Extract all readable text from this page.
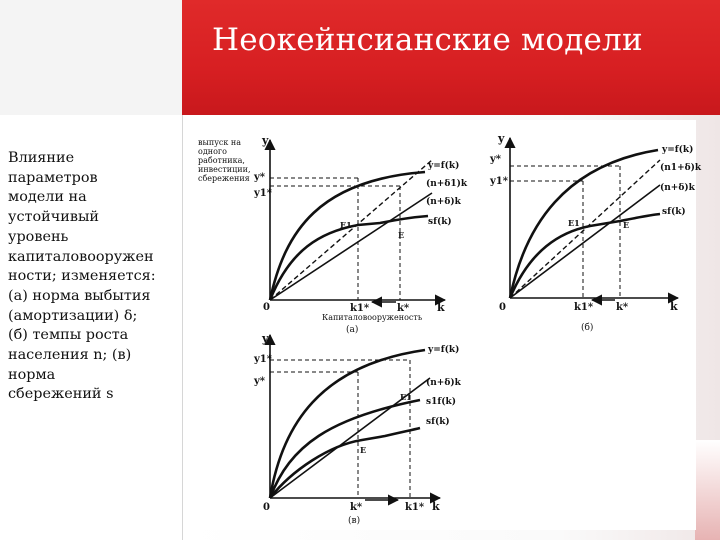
Неокейнсианские модели
Влияние
параметров
модели на
устойчивый
уровень
капиталовооружен
ности; изменяется:
(а) норма выбытия
(амортизации) δ;
(б) темпы роста
населения n; (в)
норма
сбережений s
y
выпуск на одного работника, инвестиции, сбережения y*
y1*
y=f(k)
(n+δ1)k
(n+δ)k
sf(k)
E1
E
0	k1*	k*	k
Капиталовооруженость
(а)
y
y*
y1*
y=f(k)
(n1+δ)k
(n+δ)k
sf(k)
E1	E
0	k1* k*	k
(б)
y
y1*
y*
y=f(k)
(n+δ)k
s1f(k)
sf(k)
E1
E
0	k*	k1* k
(в)
